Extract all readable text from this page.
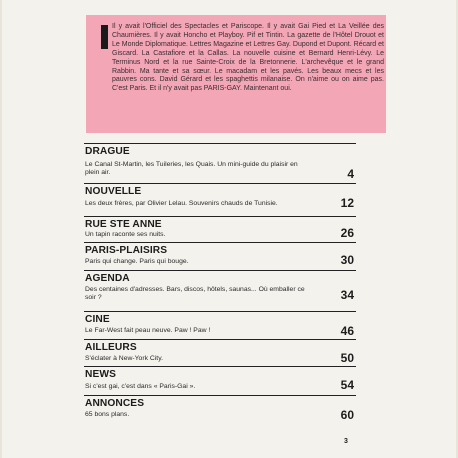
Il y avait l'Officiel des Spectacles et Pariscope. Il y avait Gai Pied et La Veillée des Chaumières. Il y avait Honcho et Playboy. Pif et Tintin. La gazette de l'Hôtel Drouot et Le Monde Diplomatique. Lettres Magazine et Lettres Gay. Dupond et Dupont. Récard et Giscard. La Castafiore et la Callas. La nouvelle cuisine et Bernard Henri-Lévy. Le Terminus Nord et la rue Sainte-Croix de la Bretonnerie. L'archevêque et le grand Rabbin. Ma tante et sa sœur. Le macadam et les pavés. Les beaux mecs et les pauvres cons. David Gérard et les spaghettis milanaise. On n'aime ou on aime pas. C'est Paris. Et il n'y avait pas PARIS-GAY. Maintenant oui.
DRAGUE
Le Canal St-Martin, les Tuileries, les Quais. Un mini-guide du plaisir en plein air.	4
NOUVELLE
Les deux frères, par Olivier Lelau. Souvenirs chauds de Tunisie.	12
RUE STE ANNE
Un tapin raconte ses nuits.	26
PARIS-PLAISIRS
Paris qui change. Paris qui bouge.	30
AGENDA
Des centaines d'adresses. Bars, discos, hôtels, saunas... Où emballer ce soir ?	34
CINE
Le Far-West fait peau neuve. Paw ! Paw !	46
AILLEURS
S'éclater à New-York City.	50
NEWS
Si c'est gai, c'est dans « Paris-Gai ».	54
ANNONCES
65 bons plans.	60
3
